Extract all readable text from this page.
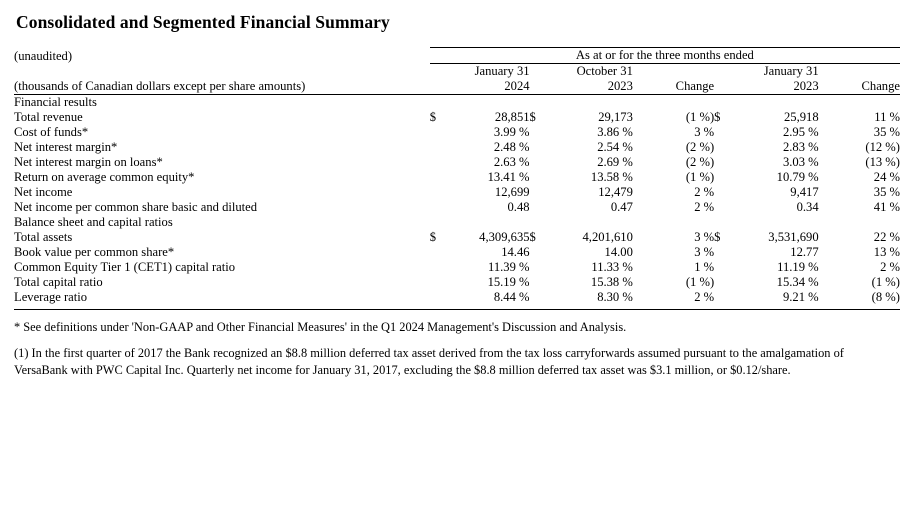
Consolidated and Segmented Financial Summary
(unaudited)	As at or for the three months ended							
	January 31		October 31			January 31		
(thousands of Canadian dollars except per share amounts)	2024		2023		Change	2023		Change
Financial results								
Total revenue	$	28,851	$	29,173	(1 %)	$	25,918	11 %
Cost of funds*		3.99 %		3.86 %	3 %		2.95 %	35 %
Net interest margin*		2.48 %		2.54 %	(2 %)		2.83 %	(12 %)
Net interest margin on loans*		2.63 %		2.69 %	(2 %)		3.03 %	(13 %)
Return on average common equity*		13.41 %		13.58 %	(1 %)		10.79 %	24 %
Net income		12,699		12,479	2 %		9,417	35 %
Net income per common share basic and diluted		0.48		0.47	2 %		0.34	41 %
Balance sheet and capital ratios								
Total assets	$	4,309,635	$	4,201,610	3 %	$	3,531,690	22 %
Book value per common share*		14.46		14.00	3 %		12.77	13 %
Common Equity Tier 1 (CET1) capital ratio		11.39 %		11.33 %	1 %		11.19 %	2 %
Total capital ratio		15.19 %		15.38 %	(1 %)		15.34 %	(1 %)
Leverage ratio		8.44 %		8.30 %	2 %		9.21 %	(8 %)
* See definitions under 'Non-GAAP and Other Financial Measures' in the Q1 2024 Management's Discussion and Analysis.
(1) In the first quarter of 2017 the Bank recognized an $8.8 million deferred tax asset derived from the tax loss carryforwards assumed pursuant to the amalgamation of VersaBank with PWC Capital Inc. Quarterly net income for January 31, 2017, excluding the $8.8 million deferred tax asset was $3.1 million, or $0.12/share.
